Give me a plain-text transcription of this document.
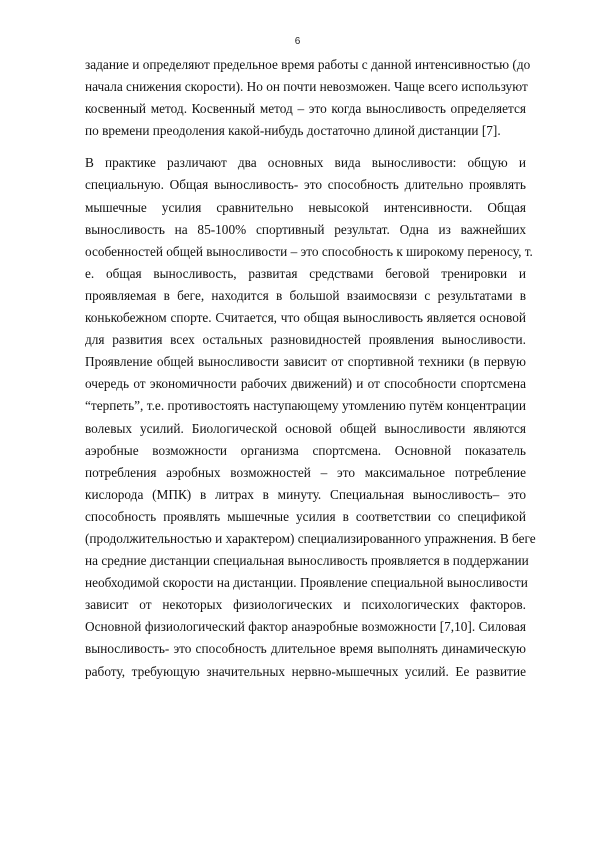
6

задание и определяют предельное время работы с данной интенсивностью (до
начала снижения скорости). Но он почти невозможен. Чаще всего используют
косвенный метод. Косвенный метод – это когда выносливость определяется
по времени преодоления какой-нибудь достаточно длиной дистанции [7].

В практике различают два основных вида выносливости: общую и
специальную. Общая выносливость- это способность длительно проявлять
мышечные усилия сравнительно невысокой интенсивности. Общая
выносливость на 85-100% спортивный результат. Одна из важнейших
особенностей общей выносливости – это способность к широкому переносу, т.
е. общая выносливость, развитая средствами беговой тренировки и
проявляемая в беге, находится в большой взаимосвязи с результатами в
конькобежном спорте. Считается, что общая выносливость является основой
для развития всех остальных разновидностей проявления выносливости.
Проявление общей выносливости зависит от спортивной техники (в первую
очередь от экономичности рабочих движений) и от способности спортсмена
“терпеть”, т.е. противостоять наступающему утомлению путём концентрации
волевых усилий. Биологической основой общей выносливости являются
аэробные возможности организма спортсмена. Основной показатель
потребления аэробных возможностей – это максимальное потребление
кислорода (МПК) в литрах в минуту. Специальная выносливость– это
способность проявлять мышечные усилия в соответствии со спецификой
(продолжительностью и характером) специализированного упражнения. В беге
на средние дистанции специальная выносливость проявляется в поддержании
необходимой скорости на дистанции. Проявление специальной выносливости
зависит от некоторых физиологических и психологических факторов.
Основной физиологический фактор анаэробные возможности [7,10]. Силовая
выносливость- это способность длительное время выполнять динамическую
работу, требующую значительных нервно-мышечных усилий. Ее развитие
